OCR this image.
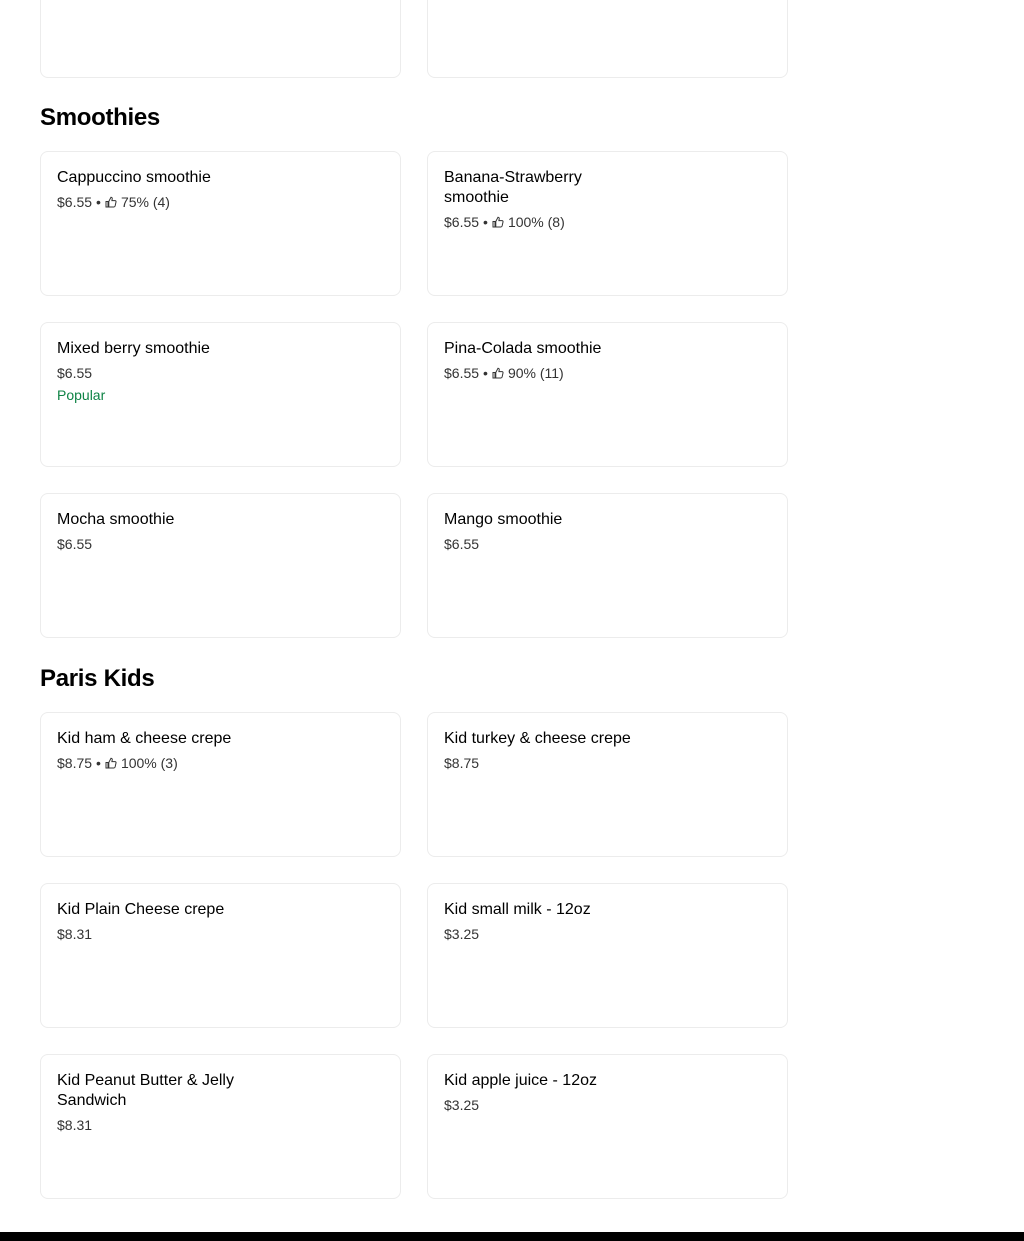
Smoothies
Cappuccino smoothie
$6.55 • 75% (4)
Banana-Strawberry smoothie
$6.55 • 100% (8)
Mixed berry smoothie
$6.55
Popular
Pina-Colada smoothie
$6.55 • 90% (11)
Mocha smoothie
$6.55
Mango smoothie
$6.55
Paris Kids
Kid ham & cheese crepe
$8.75 • 100% (3)
Kid turkey & cheese crepe
$8.75
Kid Plain Cheese crepe
$8.31
Kid small milk - 12oz
$3.25
Kid Peanut Butter & Jelly Sandwich
$8.31
Kid apple juice - 12oz
$3.25
